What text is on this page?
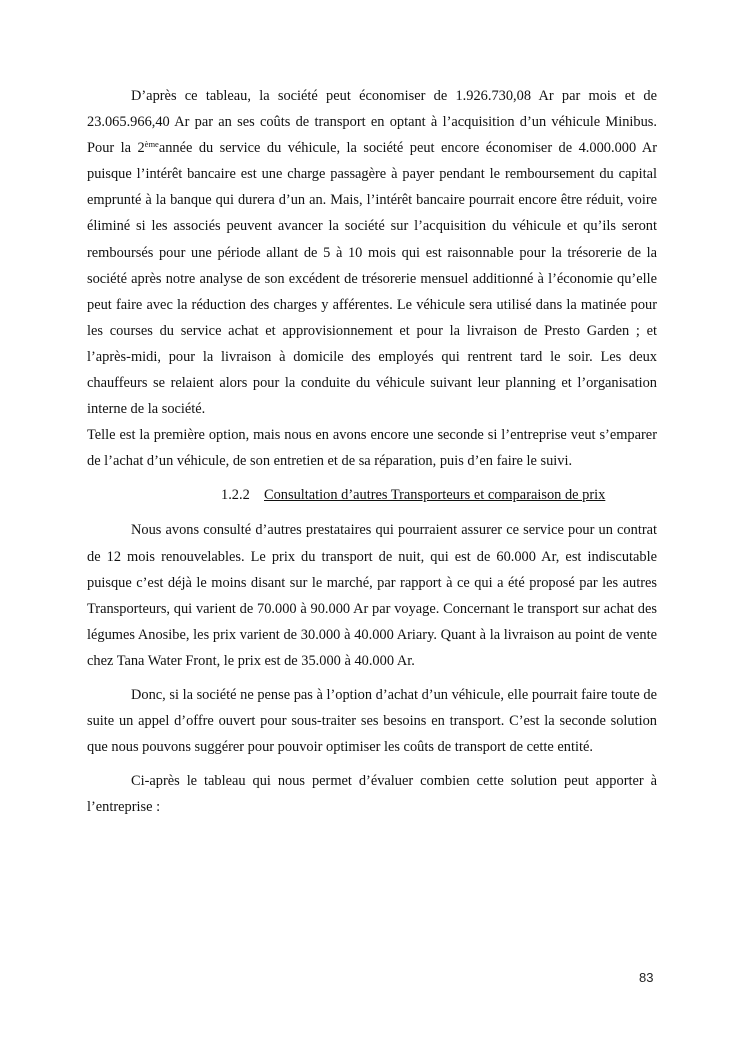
D’après ce tableau, la société peut économiser de 1.926.730,08 Ar par mois et de 23.065.966,40 Ar par an ses coûts de transport en optant à l’acquisition d’un véhicule Minibus. Pour la 2èmeannée du service du véhicule, la société peut encore économiser de 4.000.000 Ar puisque l’intérêt bancaire est une charge passagère à payer pendant le remboursement du capital emprunté à la banque qui durera d’un an. Mais, l’intérêt bancaire pourrait encore être réduit, voire éliminé si les associés peuvent avancer la société sur l’acquisition du véhicule et qu’ils seront remboursés pour une période allant de 5 à 10 mois qui est raisonnable pour la trésorerie de la société après notre analyse de son excédent de trésorerie mensuel additionné à l’économie qu’elle peut faire avec la réduction des charges y afférentes. Le véhicule sera utilisé dans la matinée pour les courses du service achat et approvisionnement et pour la livraison de Presto Garden ; et l’après-midi, pour la livraison à domicile des employés qui rentrent tard le soir. Les deux chauffeurs se relaient alors pour la conduite du véhicule suivant leur planning et l’organisation interne de la société.

Telle est la première option, mais nous en avons encore une seconde si l’entreprise veut s’emparer de l’achat d’un véhicule, de son entretien et de sa réparation, puis d’en faire le suivi.

1.2.2 Consultation d’autres Transporteurs et comparaison de prix

Nous avons consulté d’autres prestataires qui pourraient assurer ce service pour un contrat de 12 mois renouvelables. Le prix du transport de nuit, qui est de 60.000 Ar, est indiscutable puisque c’est déjà le moins disant sur le marché, par rapport à ce qui a été proposé par les autres Transporteurs, qui varient de 70.000 à 90.000 Ar par voyage. Concernant le transport sur achat des légumes Anosibe, les prix varient de 30.000 à 40.000 Ariary. Quant à la livraison au point de vente chez Tana Water Front, le prix est de 35.000 à 40.000 Ar.

Donc, si la société ne pense pas à l’option d’achat d’un véhicule, elle pourrait faire toute de suite un appel d’offre ouvert pour sous-traiter ses besoins en transport. C’est la seconde solution que nous pouvons suggérer pour pouvoir optimiser les coûts de transport de cette entité.

Ci-après le tableau qui nous permet d’évaluer combien cette solution peut apporter à l’entreprise :

83
